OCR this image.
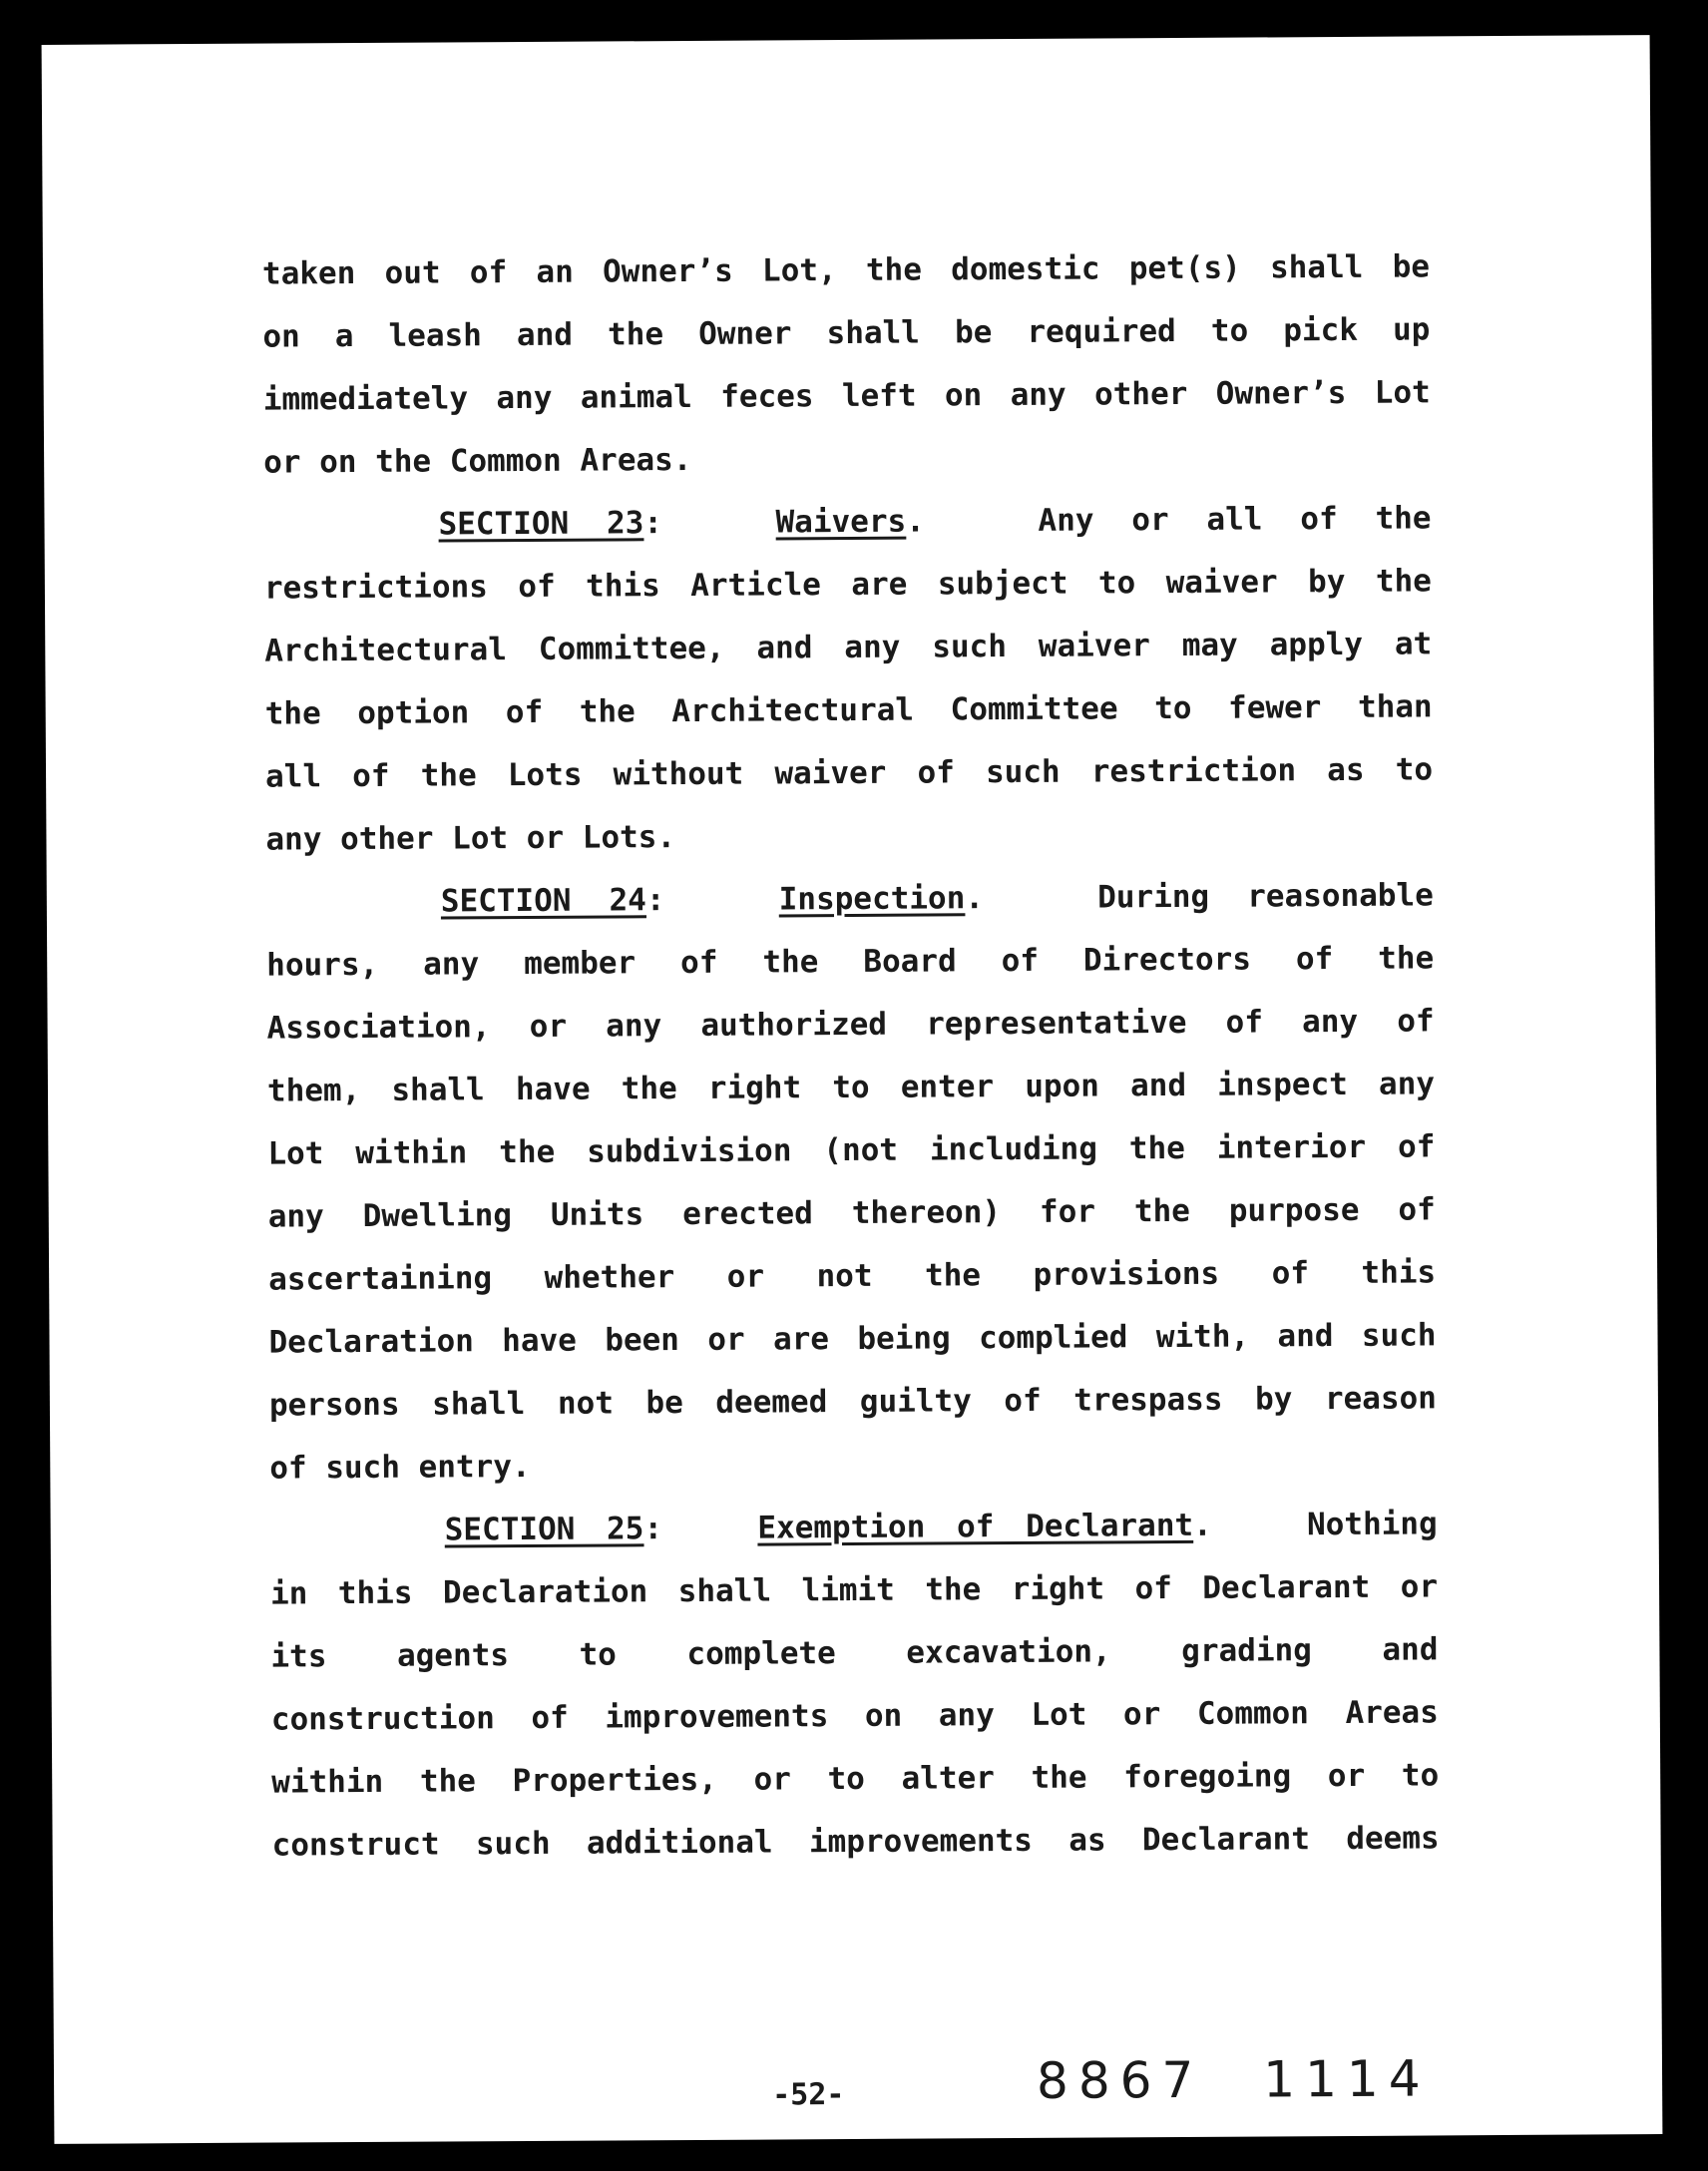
taken out of an Owner’s Lot, the domestic pet(s) shall be
on a leash and the Owner shall be required to pick up
immediately any animal feces left on any other Owner’s Lot
or on the Common Areas.
SECTION 23:   Waivers.   Any or all of the
restrictions of this Article are subject to waiver by the
Architectural Committee, and any such waiver may apply at
the option of the Architectural Committee to fewer than
all of the Lots without waiver of such restriction as to
any other Lot or Lots.
SECTION 24:   Inspection.   During reasonable
hours, any member of the Board of Directors of the
Association, or any authorized representative of any of
them, shall have the right to enter upon and inspect any
Lot within the subdivision (not including the interior of
any Dwelling Units erected thereon) for the purpose of
ascertaining whether or not the provisions of this
Declaration have been or are being complied with, and such
persons shall not be deemed guilty of trespass by reason
of such entry.
SECTION 25:   Exemption of Declarant.   Nothing
in this Declaration shall limit the right of Declarant or
its agents to complete excavation, grading and
construction of improvements on any Lot or Common Areas
within the Properties, or to alter the foregoing or to
construct such additional improvements as Declarant deems
-52-	8867 1114
